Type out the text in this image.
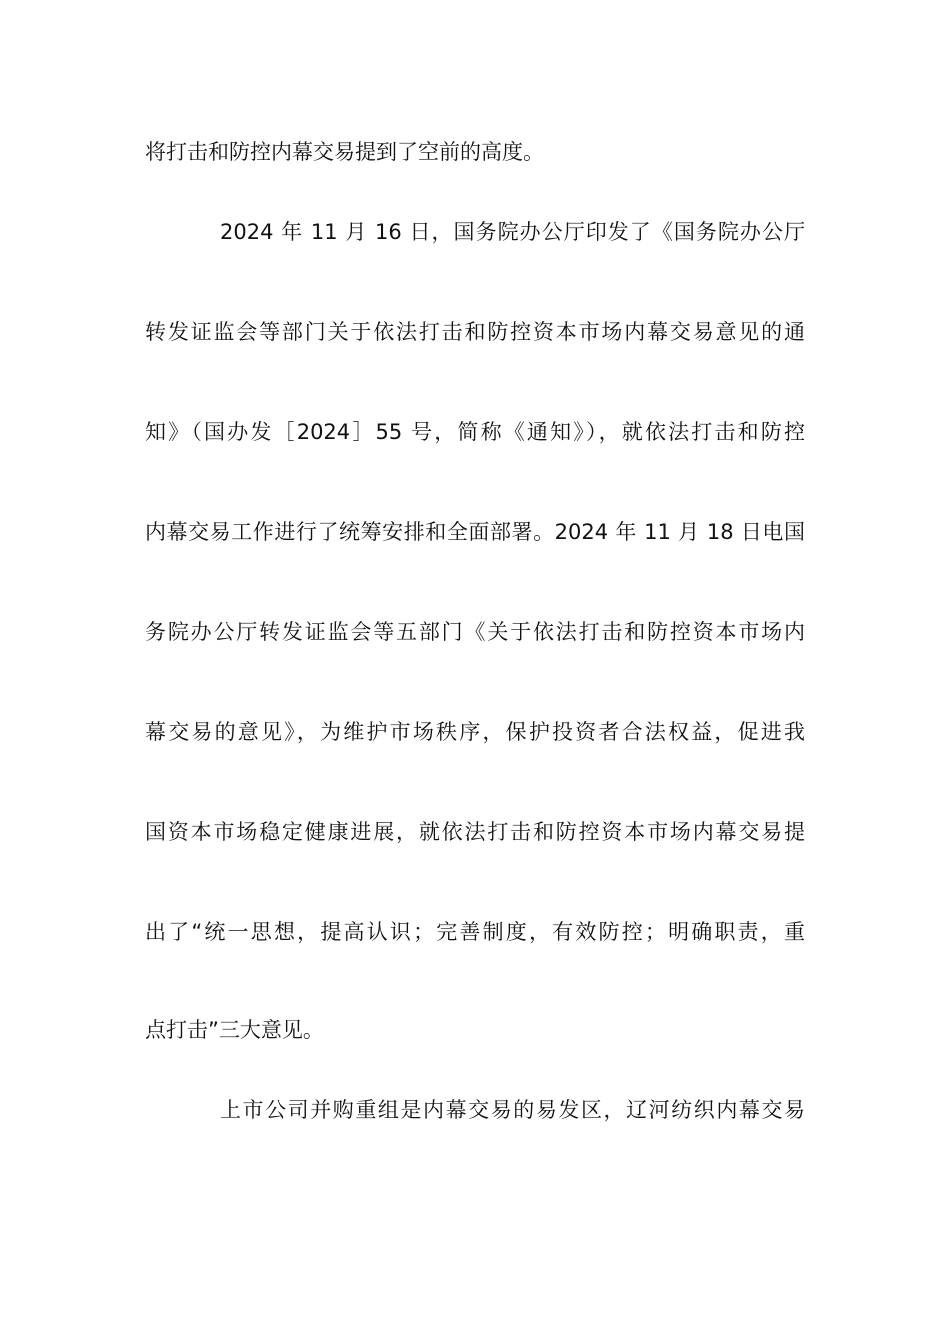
将打击和防控内幕交易提到了空前的高度。
2024 年 11 月 16 日，国务院办公厅印发了《国务院办公厅
转发证监会等部门关于依法打击和防控资本市场内幕交易意见的通
知》（国办发［2024］55 号，简称《通知》），就依法打击和防控
内幕交易工作进行了统筹安排和全面部署。2024 年 11 月 18 日电国
务院办公厅转发证监会等五部门《关于依法打击和防控资本市场内
幕交易的意见》，为维护市场秩序，保护投资者合法权益，促进我
国资本市场稳定健康进展，就依法打击和防控资本市场内幕交易提
出了“统一思想，提高认识；完善制度，有效防控；明确职责，重
点打击”三大意见。
上市公司并购重组是内幕交易的易发区，辽河纺织内幕交易
